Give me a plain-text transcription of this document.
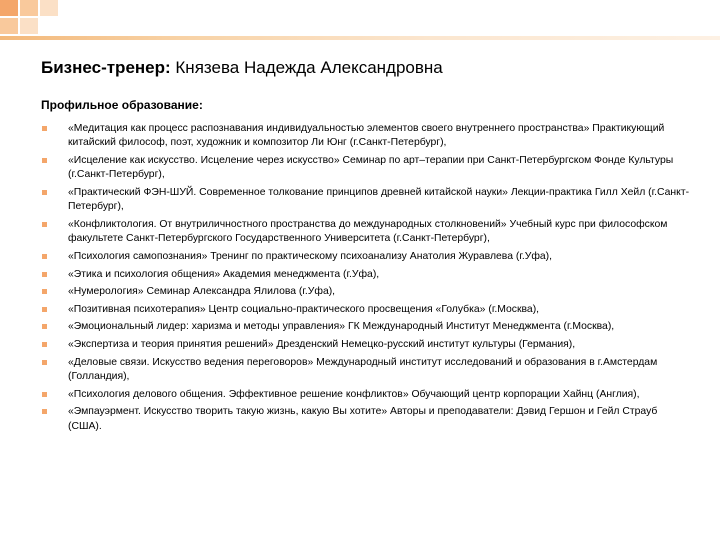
Бизнес-тренер: Князева Надежда Александровна
Профильное образование:
«Медитация как процесс распознавания индивидуальностью элементов своего внутреннего пространства» Практикующий китайский философ, поэт, художник и композитор Ли Юнг (г.Санкт-Петербург),
«Исцеление как искусство. Исцеление через искусство» Семинар по арт–терапии при Санкт-Петербургском Фонде Культуры (г.Санкт-Петербург),
«Практический ФЭН-ШУЙ. Современное толкование принципов древней китайской науки» Лекции-практика Гилл Хейл (г.Санкт-Петербург),
«Конфликтология. От внутриличностного пространства до международных столкновений» Учебный курс при философском факультете Санкт-Петербургского Государственного Университета (г.Санкт-Петербург),
«Психология самопознания» Тренинг по практическому психоанализу Анатолия Журавлева (г.Уфа),
«Этика и психология общения» Академия менеджмента (г.Уфа),
«Нумерология» Семинар Александра Ялилова (г.Уфа),
«Позитивная психотерапия» Центр социально-практического просвещения «Голубка» (г.Москва),
«Эмоциональный лидер: харизма и методы управления» ГК Международный Институт Менеджмента (г.Москва),
«Экспертиза и теория принятия решений» Дрезденский Немецко-русский институт культуры (Германия),
«Деловые связи. Искусство ведения переговоров» Международный институт исследований и образования в г.Амстердам (Голландия),
«Психология делового общения. Эффективное решение конфликтов» Обучающий центр корпорации Хайнц (Англия),
«Эмпауэрмент. Искусство творить такую жизнь, какую Вы хотите» Авторы и преподаватели: Дэвид Гершон и Гейл Страуб (США).
